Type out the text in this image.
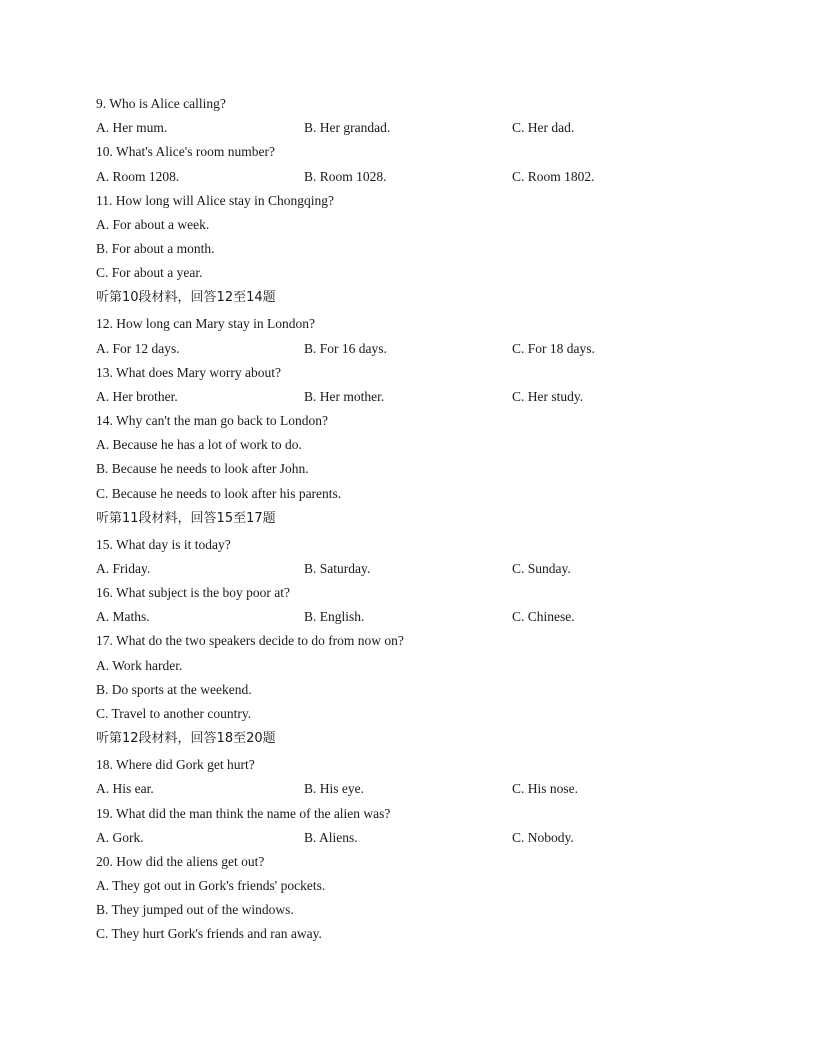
9. Who is Alice calling?
A. Her mum.	B. Her grandad.	C. Her dad.
10. What's Alice's room number?
A. Room 1208.	B. Room 1028.	C. Room 1802.
11. How long will Alice stay in Chongqing?
A. For about a week.
B. For about a month.
C. For about a year.
听第10段材料，回答12至14题
12. How long can Mary stay in London?
A. For 12 days.	B. For 16 days.	C. For 18 days.
13. What does Mary worry about?
A. Her brother.	B. Her mother.	C. Her study.
14. Why can't the man go back to London?
A. Because he has a lot of work to do.
B. Because he needs to look after John.
C. Because he needs to look after his parents.
听第11段材料，回答15至17题
15. What day is it today?
A. Friday.	B. Saturday.	C. Sunday.
16. What subject is the boy poor at?
A. Maths.	B. English.	C. Chinese.
17. What do the two speakers decide to do from now on?
A. Work harder.
B. Do sports at the weekend.
C. Travel to another country.
听第12段材料，回答18至20题
18. Where did Gork get hurt?
A. His ear.	B. His eye.	C. His nose.
19. What did the man think the name of the alien was?
A. Gork.	B. Aliens.	C. Nobody.
20. How did the aliens get out?
A. They got out in Gork's friends' pockets.
B. They jumped out of the windows.
C. They hurt Gork's friends and ran away.
